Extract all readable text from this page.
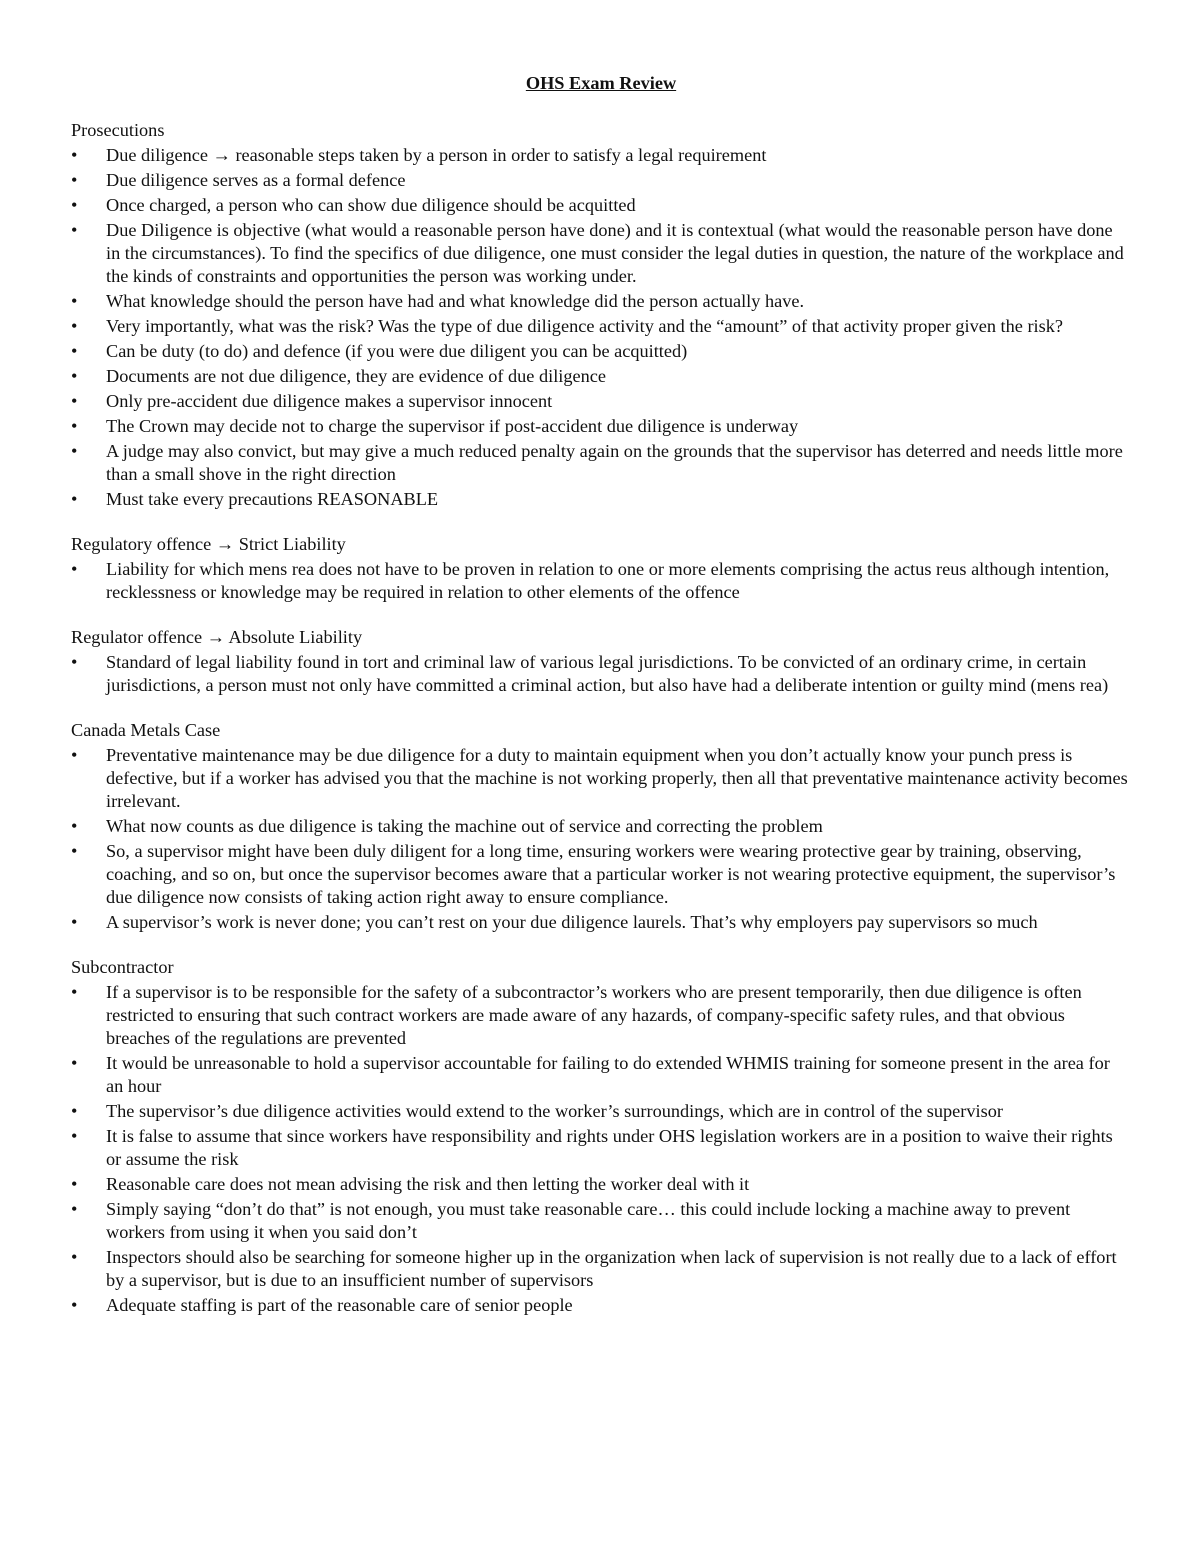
OHS Exam Review
Prosecutions
• Due diligence → reasonable steps taken by a person in order to satisfy a legal requirement
• Due diligence serves as a formal defence
• Once charged, a person who can show due diligence should be acquitted
• Due Diligence is objective (what would a reasonable person have done) and it is contextual (what would the reasonable person have done in the circumstances). To find the specifics of due diligence, one must consider the legal duties in question, the nature of the workplace and the kinds of constraints and opportunities the person was working under.
• What knowledge should the person have had and what knowledge did the person actually have.
• Very importantly, what was the risk? Was the type of due diligence activity and the “amount” of that activity proper given the risk?
• Can be duty (to do) and defence (if you were due diligent you can be acquitted)
• Documents are not due diligence, they are evidence of due diligence
• Only pre-accident due diligence makes a supervisor innocent
• The Crown may decide not to charge the supervisor if post-accident due diligence is underway
• A judge may also convict, but may give a much reduced penalty again on the grounds that the supervisor has deterred and needs little more than a small shove in the right direction
• Must take every precautions REASONABLE
Regulatory offence → Strict Liability
• Liability for which mens rea does not have to be proven in relation to one or more elements comprising the actus reus although intention, recklessness or knowledge may be required in relation to other elements of the offence
Regulator offence → Absolute Liability
• Standard of legal liability found in tort and criminal law of various legal jurisdictions. To be convicted of an ordinary crime, in certain jurisdictions, a person must not only have committed a criminal action, but also have had a deliberate intention or guilty mind (mens rea)
Canada Metals Case
• Preventative maintenance may be due diligence for a duty to maintain equipment when you don’t actually know your punch press is defective, but if a worker has advised you that the machine is not working properly, then all that preventative maintenance activity becomes irrelevant.
• What now counts as due diligence is taking the machine out of service and correcting the problem
• So, a supervisor might have been duly diligent for a long time, ensuring workers were wearing protective gear by training, observing, coaching, and so on, but once the supervisor becomes aware that a particular worker is not wearing protective equipment, the supervisor’s due diligence now consists of taking action right away to ensure compliance.
• A supervisor’s work is never done; you can’t rest on your due diligence laurels. That’s why employers pay supervisors so much
Subcontractor
• If a supervisor is to be responsible for the safety of a subcontractor’s workers who are present temporarily, then due diligence is often restricted to ensuring that such contract workers are made aware of any hazards, of company-specific safety rules, and that obvious breaches of the regulations are prevented
• It would be unreasonable to hold a supervisor accountable for failing to do extended WHMIS training for someone present in the area for an hour
• The supervisor’s due diligence activities would extend to the worker’s surroundings, which are in control of the supervisor
• It is false to assume that since workers have responsibility and rights under OHS legislation workers are in a position to waive their rights or assume the risk
• Reasonable care does not mean advising the risk and then letting the worker deal with it
• Simply saying “don’t do that” is not enough, you must take reasonable care… this could include locking a machine away to prevent workers from using it when you said don’t
• Inspectors should also be searching for someone higher up in the organization when lack of supervision is not really due to a lack of effort by a supervisor, but is due to an insufficient number of supervisors
• Adequate staffing is part of the reasonable care of senior people
